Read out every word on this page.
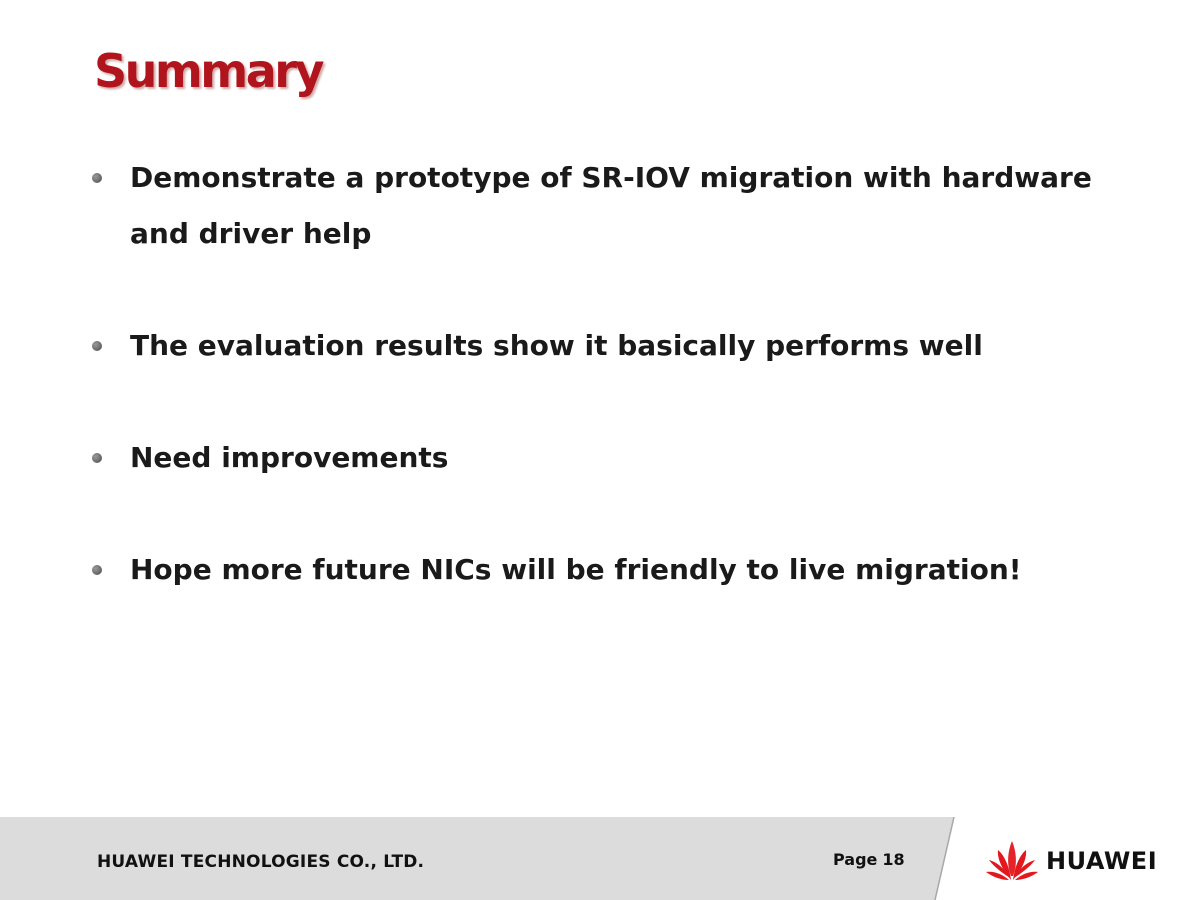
Summary
Demonstrate a prototype of SR-IOV migration with hardware and driver help
The evaluation results show it basically performs well
Need improvements
Hope more future NICs will be friendly to live migration!
HUAWEI TECHNOLOGIES CO., LTD.	Page 18	HUAWEI
